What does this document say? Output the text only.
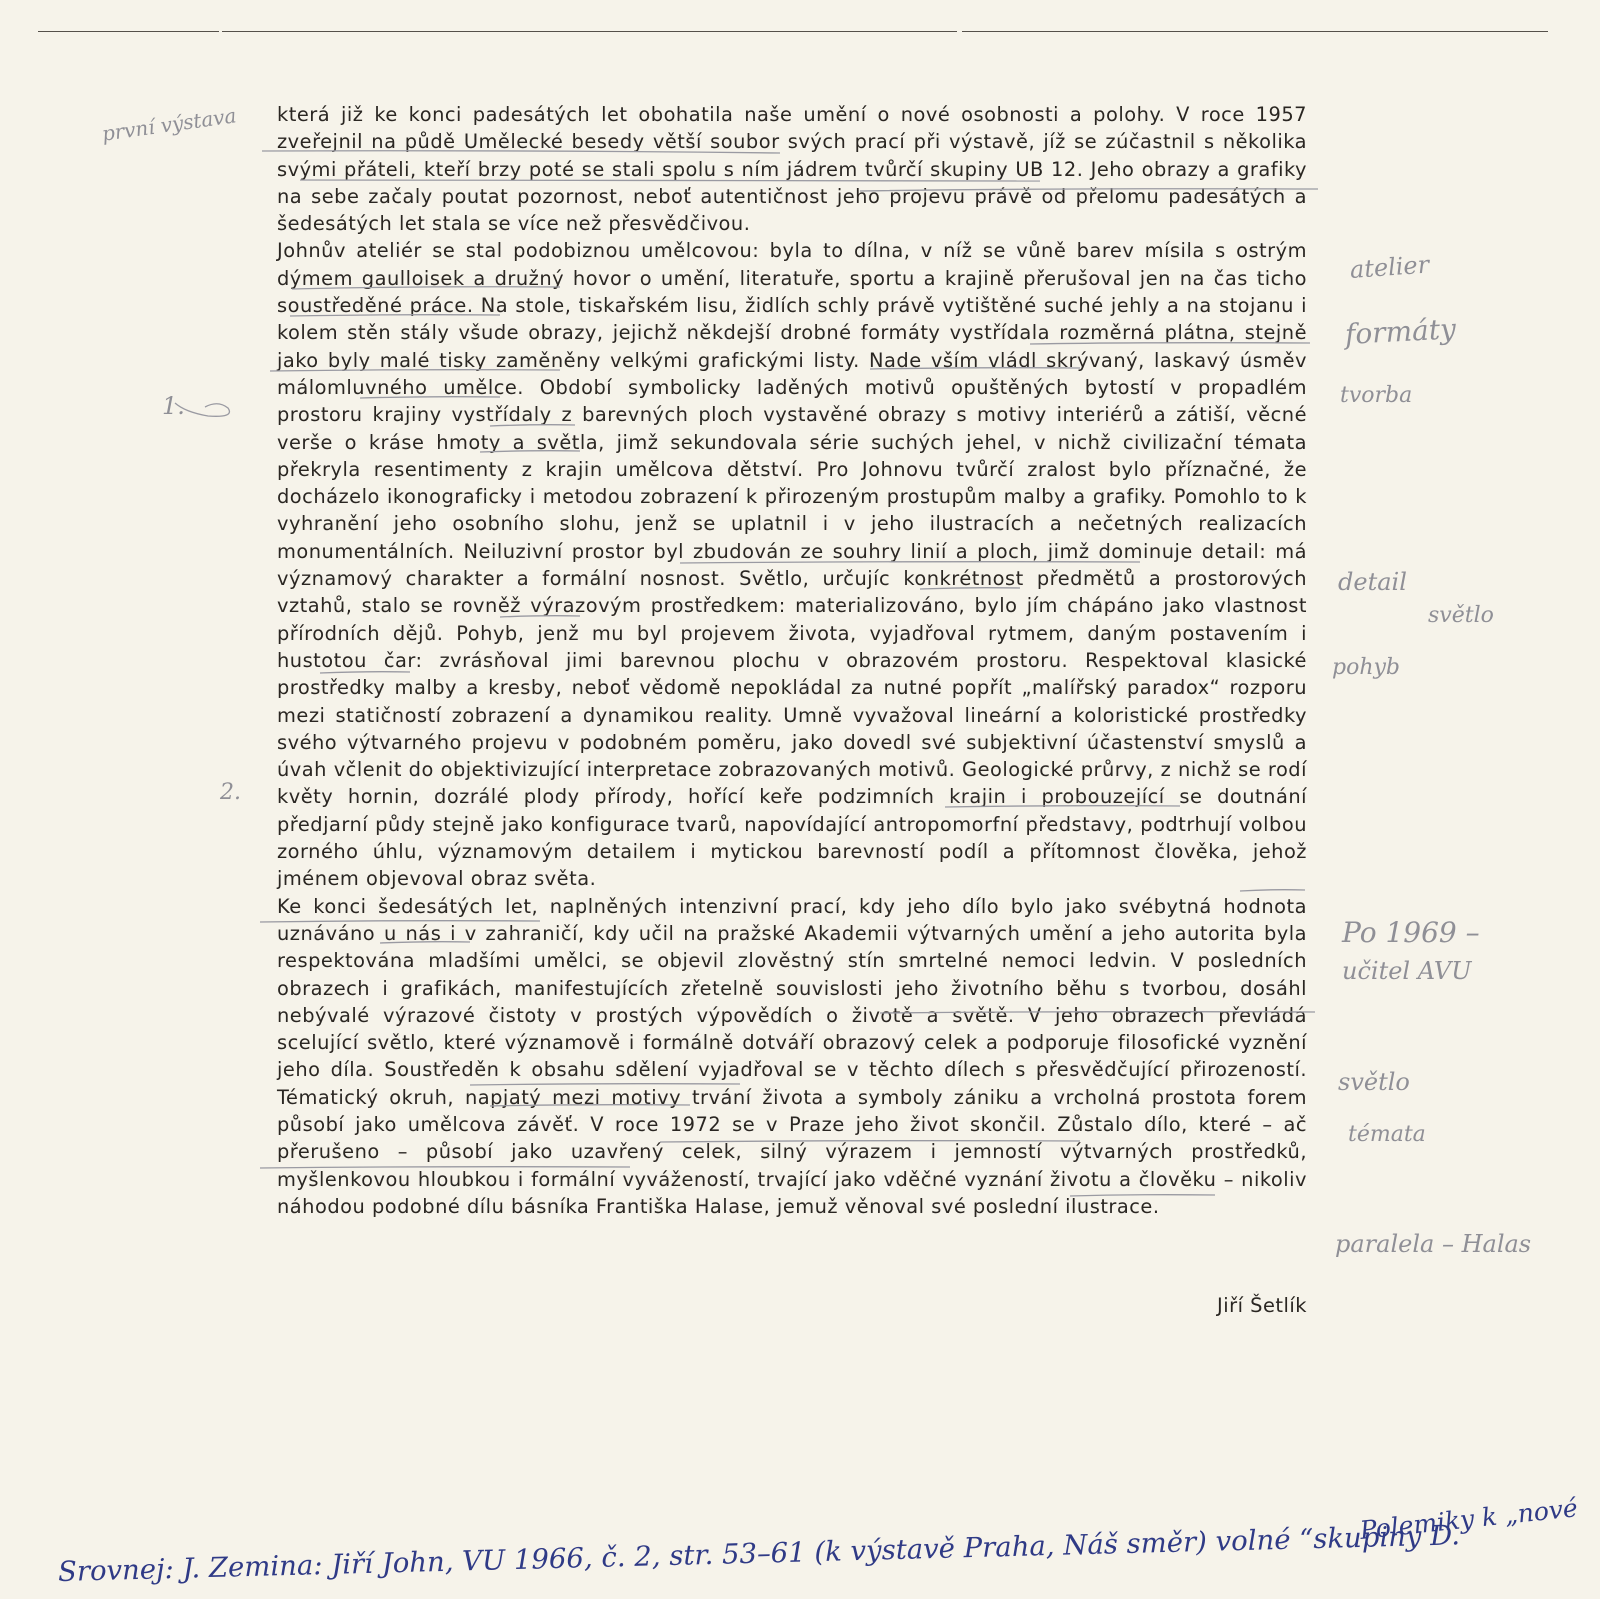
která již ke konci padesátých let obohatila naše umění o nové osobnosti a polohy. V roce 1957 zveřejnil na půdě Umělecké besedy větší soubor svých prací při výstavě, jíž se zúčastnil s několika svými přáteli, kteří brzy poté se stali spolu s ním jádrem tvůrčí skupiny UB 12. Jeho obrazy a grafiky na sebe začaly poutat pozornost, neboť autentičnost jeho projevu právě od přelomu padesátých a šedesátých let stala se více než přesvědčivou.

Johnův ateliér se stal podobiznou umělcovou: byla to dílna, v níž se vůně barev mísila s ostrým dýmem gaulloisek a družný hovor o umění, literatuře, sportu a krajině přerušoval jen na čas ticho soustředěné práce. Na stole, tiskařském lisu, židlích schly právě vytištěné suché jehly a na stojanu i kolem stěn stály všude obrazy, jejichž někdejší drobné formáty vystřídala rozměrná plátna, stejně jako byly malé tisky zaměněny velkými grafickými listy. Nade vším vládl skrývaný, laskavý úsměv málomluvného umělce. Období symbolicky laděných motivů opuštěných bytostí v propadlém prostoru krajiny vystřídaly z barevných ploch vystavěné obrazy s motivy interiérů a zátiší, věcné verše o kráse hmoty a světla, jimž sekundovala série suchých jehel, v nichž civilizační témata překryla resentimenty z krajin umělcova dětství. Pro Johnovu tvůrčí zralost bylo příznačné, že docházelo ikonograficky i metodou zobrazení k přirozeným prostupům malby a grafiky. Pomohlo to k vyhranění jeho osobního slohu, jenž se uplatnil i v jeho ilustracích a nečetných realizacích monumentálních. Neiluzivní prostor byl zbudován ze souhry linií a ploch, jimž dominuje detail: má významový charakter a formální nosnost. Světlo, určujíc konkrétnost předmětů a prostorových vztahů, stalo se rovněž výrazovým prostředkem: materializováno, bylo jím chápáno jako vlastnost přírodních dějů. Pohyb, jenž mu byl projevem života, vyjadřoval rytmem, daným postavením i hustotou čar: zvrásňoval jimi barevnou plochu v obrazovém prostoru. Respektoval klasické prostředky malby a kresby, neboť vědomě nepokládal za nutné popřít „malířský paradox“ rozporu mezi statičností zobrazení a dynamikou reality. Umně vyvažoval lineární a koloristické prostředky svého výtvarného projevu v podobném poměru, jako dovedl své subjektivní účastenství smyslů a úvah včlenit do objektivizující interpretace zobrazovaných motivů. Geologické průrvy, z nichž se rodí květy hornin, dozrálé plody přírody, hořící keře podzimních krajin i probouzející se doutnání předjarní půdy stejně jako konfigurace tvarů, napovídající antropomorfní představy, podtrhují volbou zorného úhlu, významovým detailem i mytickou barevností podíl a přítomnost člověka, jehož jménem objevoval obraz světa.

Ke konci šedesátých let, naplněných intenzivní prací, kdy jeho dílo bylo jako svébytná hodnota uznáváno u nás i v zahraničí, kdy učil na pražské Akademii výtvarných umění a jeho autorita byla respektována mladšími umělci, se objevil zlověstný stín smrtelné nemoci ledvin. V posledních obrazech i grafikách, manifestujících zřetelně souvislosti jeho životního běhu s tvorbou, dosáhl nebývalé výrazové čistoty v prostých výpovědích o životě a světě. V jeho obrazech převládá scelující světlo, které významově i formálně dotváří obrazový celek a podporuje filosofické vyznění jeho díla. Soustředěn k obsahu sdělení vyjadřoval se v těchto dílech s přesvědčující přirozeností. Tématický okruh, napjatý mezi motivy trvání života a symboly zániku a vrcholná prostota forem působí jako umělcova závěť. V roce 1972 se v Praze jeho život skončil. Zůstalo dílo, které – ač přerušeno – působí jako uzavřený celek, silný výrazem i jemností výtvarných prostředků, myšlenkovou hloubkou i formální vyvážeností, trvající jako vděčné vyznání životu a člověku – nikoliv náhodou podobné dílu básníka Františka Halase, jemuž věnoval své poslední ilustrace.

Jiří Šetlík
první výstava
atelier
formáty
tvorba
1.
2.
detail
světlo
pohyb
Po 1969 –
učitel AVU
světlo
témata
paralela – Halas
Polemiky k „nové
Srovnej: J. Zemina: Jiří John, VU 1966, č. 2, str. 53–61 (k výstavě Praha, Náš směr) volné “skupiny D.
